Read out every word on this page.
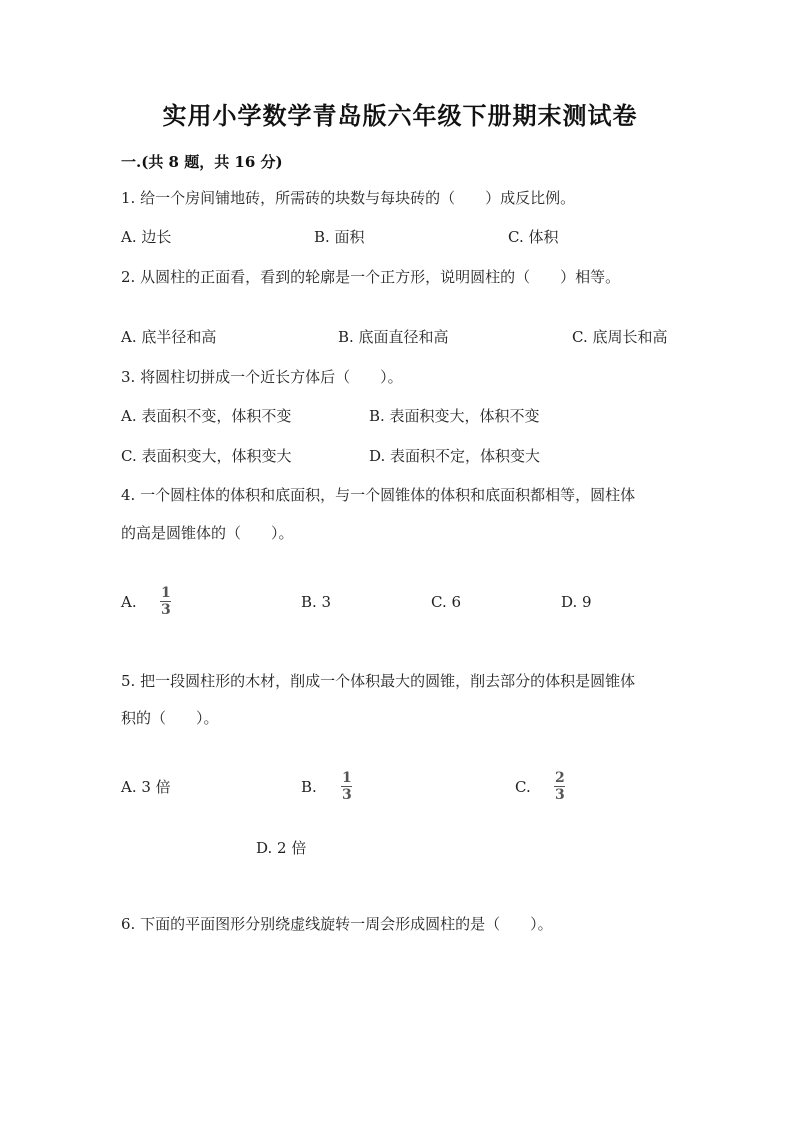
实用小学数学青岛版六年级下册期末测试卷
一.(共 8 题，共 16 分)
1. 给一个房间铺地砖，所需砖的块数与每块砖的（　　）成反比例。
A. 边长	B. 面积	C. 体积
2. 从圆柱的正面看，看到的轮廓是一个正方形，说明圆柱的（　　）相等。
A. 底半径和高	B. 底面直径和高	C. 底周长和高
3. 将圆柱切拼成一个近长方体后（　　）。
A. 表面积不变，体积不变	B. 表面积变大，体积不变
C. 表面积变大，体积变大	D. 表面积不定，体积变大
4. 一个圆柱体的体积和底面积，与一个圆锥体的体积和底面积都相等，圆柱体
的高是圆锥体的（　　）。
A. 1
3	B. 3	C. 6	D. 9
5. 把一段圆柱形的木材，削成一个体积最大的圆锥，削去部分的体积是圆锥体
积的（　　）。
A. 3 倍	B. 1
3	C. 2
3
D. 2 倍
6. 下面的平面图形分别绕虚线旋转一周会形成圆柱的是（　　）。
